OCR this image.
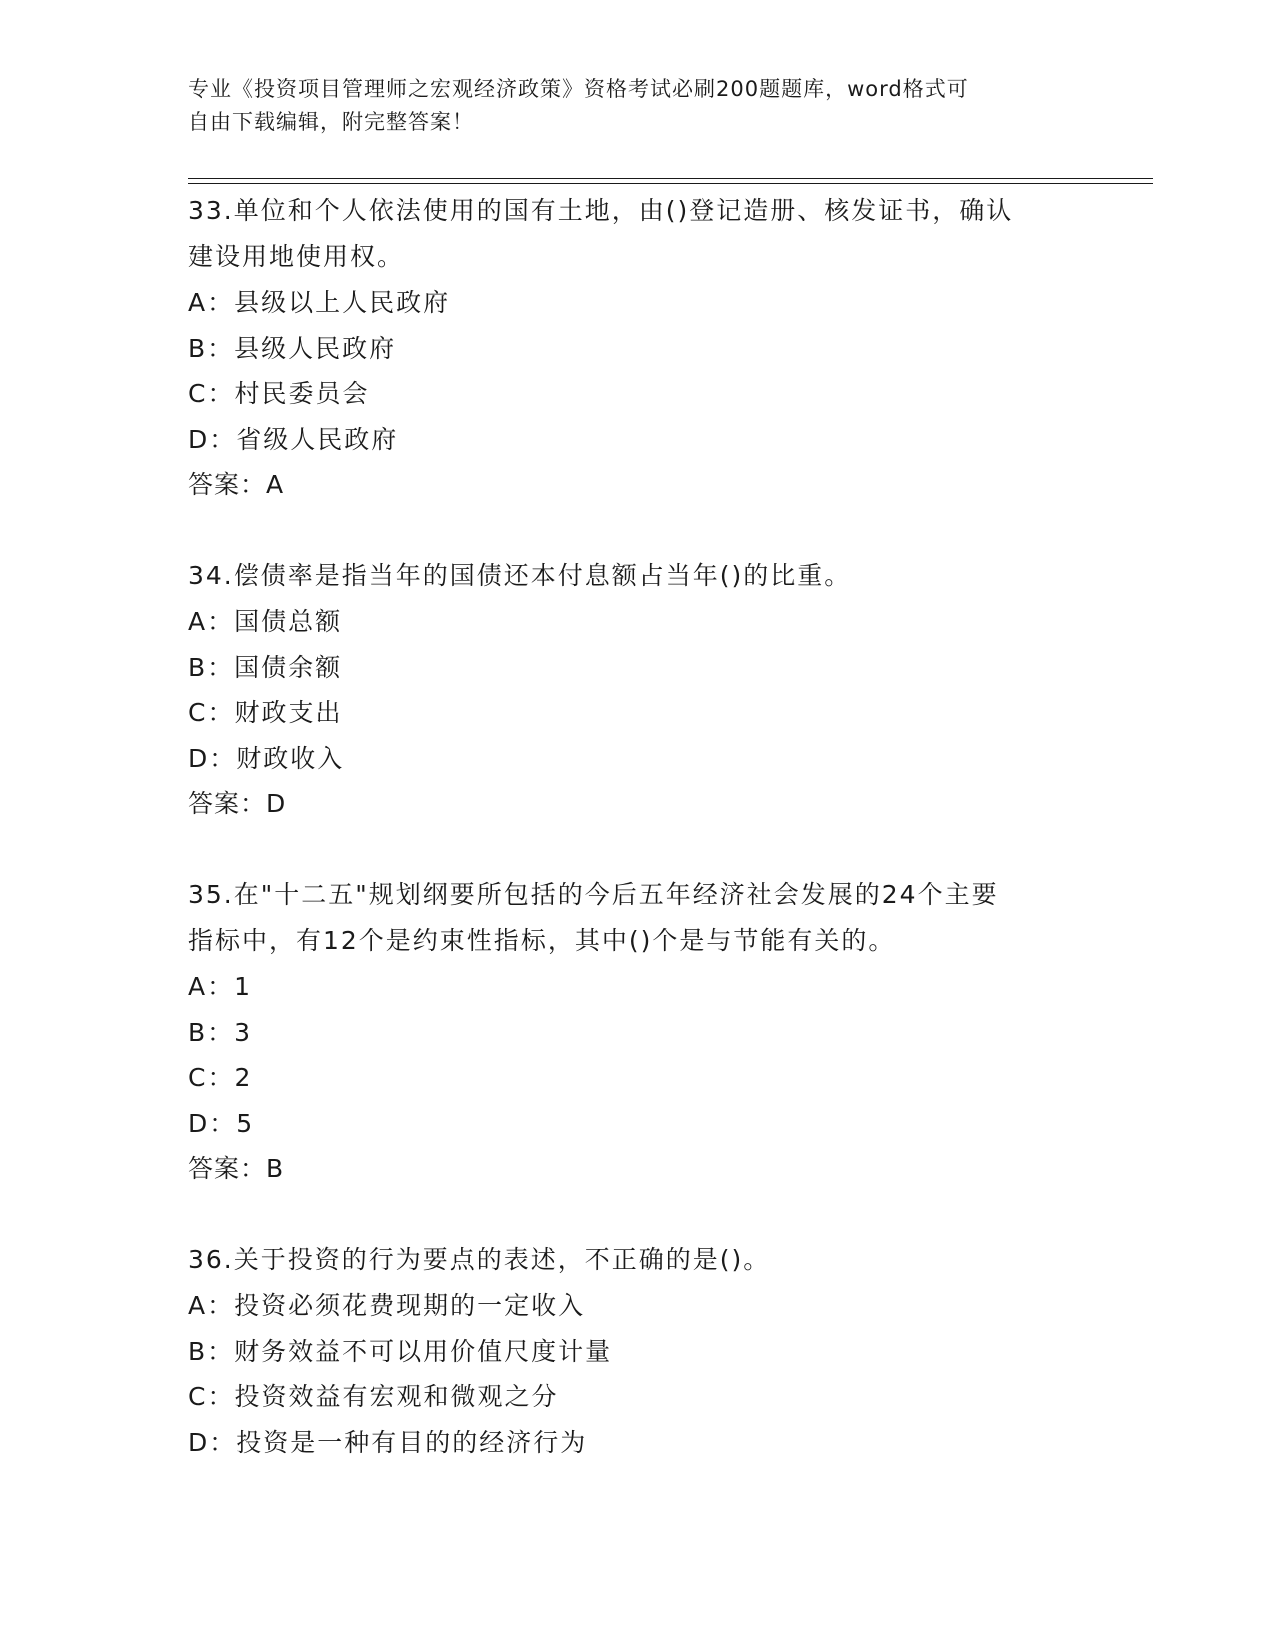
专业《投资项目管理师之宏观经济政策》资格考试必刷200题题库，word格式可
自由下载编辑，附完整答案！
33.单位和个人依法使用的国有土地，由()登记造册、核发证书，确认
建设用地使用权。
A：县级以上人民政府
B：县级人民政府
C：村民委员会
D：省级人民政府
答案：A
34.偿债率是指当年的国债还本付息额占当年()的比重。
A：国债总额
B：国债余额
C：财政支出
D：财政收入
答案：D
35.在"十二五"规划纲要所包括的今后五年经济社会发展的24个主要
指标中，有12个是约束性指标，其中()个是与节能有关的。
A：1
B：3
C：2
D：5
答案：B
36.关于投资的行为要点的表述，不正确的是()。
A：投资必须花费现期的一定收入
B：财务效益不可以用价值尺度计量
C：投资效益有宏观和微观之分
D：投资是一种有目的的经济行为
